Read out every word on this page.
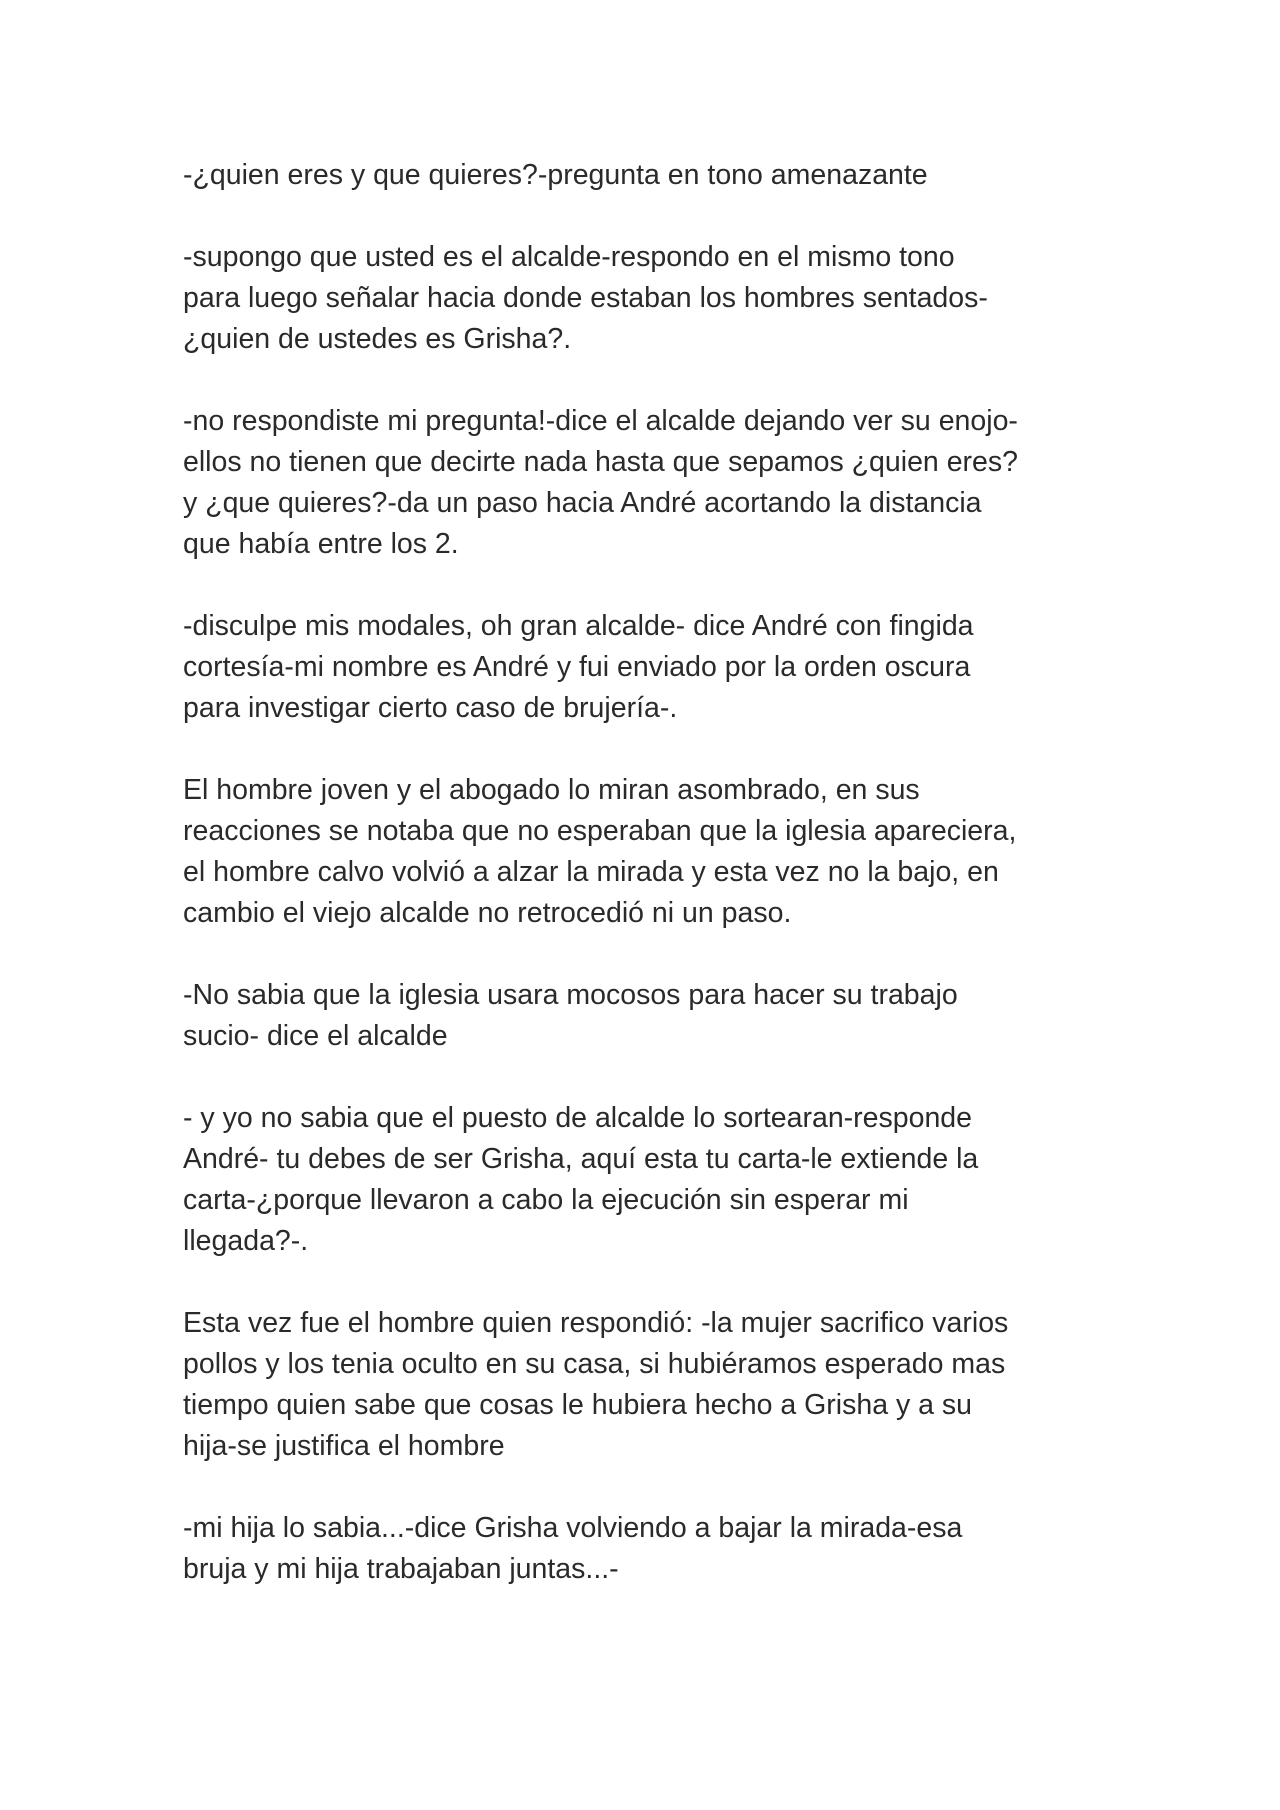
-¿quien eres y que quieres?-pregunta en tono amenazante

-supongo que usted es el alcalde-respondo en el mismo tono
para luego señalar hacia donde estaban los hombres sentados-
¿quien de ustedes es Grisha?.

-no respondiste mi pregunta!-dice el alcalde dejando ver su enojo-
ellos no tienen que decirte nada hasta que sepamos ¿quien eres?
y ¿que quieres?-da un paso hacia André acortando la distancia
que había entre los 2.

-disculpe mis modales, oh gran alcalde- dice André con fingida
cortesía-mi nombre es André y fui enviado por la orden oscura
para investigar cierto caso de brujería-.

El hombre joven y el abogado lo miran asombrado, en sus
reacciones se notaba que no esperaban que la iglesia apareciera,
el hombre calvo volvió a alzar la mirada y esta vez no la bajo, en
cambio el viejo alcalde no retrocedió ni un paso.

-No sabia que la iglesia usara mocosos para hacer su trabajo
sucio- dice el alcalde

- y yo no sabia que el puesto de alcalde lo sortearan-responde
André- tu debes de ser Grisha, aquí esta tu carta-le extiende la
carta-¿porque llevaron a cabo la ejecución sin esperar mi
llegada?-.

Esta vez fue el hombre quien respondió: -la mujer sacrifico varios
pollos y los tenia oculto en su casa, si hubiéramos esperado mas
tiempo quien sabe que cosas le hubiera hecho a Grisha y a su
hija-se justifica el hombre

-mi hija lo sabia...-dice Grisha volviendo a bajar la mirada-esa
bruja y mi hija trabajaban juntas...-
